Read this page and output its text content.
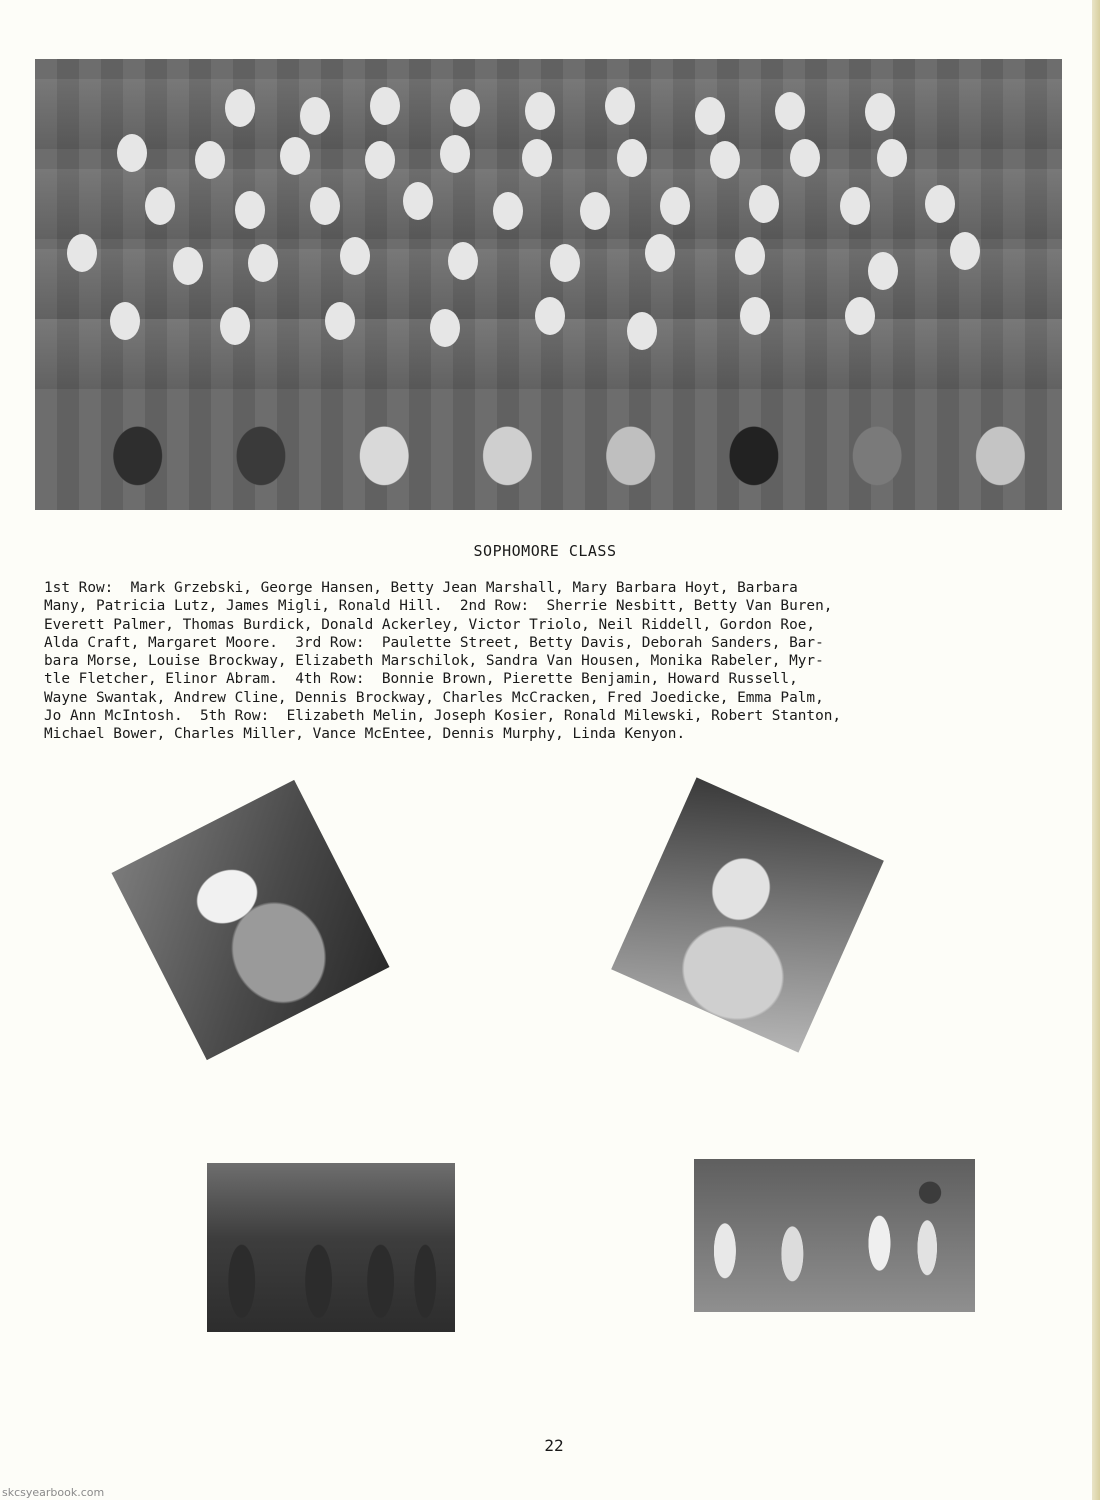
SOPHOMORE CLASS
1st Row:  Mark Grzebski, George Hansen, Betty Jean Marshall, Mary Barbara Hoyt, Barbara
Many, Patricia Lutz, James Migli, Ronald Hill.  2nd Row:  Sherrie Nesbitt, Betty Van Buren,
Everett Palmer, Thomas Burdick, Donald Ackerley, Victor Triolo, Neil Riddell, Gordon Roe,
Alda Craft, Margaret Moore.  3rd Row:  Paulette Street, Betty Davis, Deborah Sanders, Bar-
bara Morse, Louise Brockway, Elizabeth Marschilok, Sandra Van Housen, Monika Rabeler, Myr-
tle Fletcher, Elinor Abram.  4th Row:  Bonnie Brown, Pierette Benjamin, Howard Russell,
Wayne Swantak, Andrew Cline, Dennis Brockway, Charles McCracken, Fred Joedicke, Emma Palm,
Jo Ann McIntosh.  5th Row:  Elizabeth Melin, Joseph Kosier, Ronald Milewski, Robert Stanton,
Michael Bower, Charles Miller, Vance McEntee, Dennis Murphy, Linda Kenyon.
22
skcsyearbook.com
